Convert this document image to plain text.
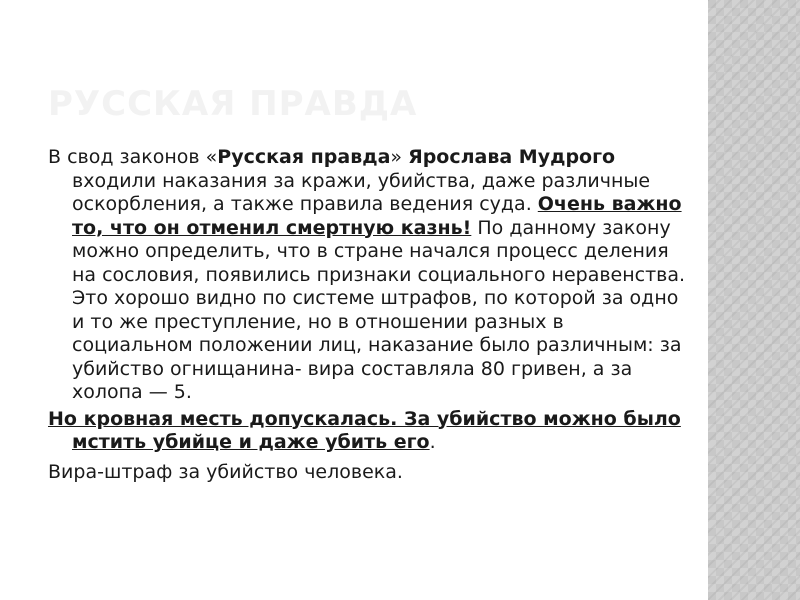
РУССКАЯ ПРАВДА

В свод законов «Русская правда» Ярослава Мудрого входили наказания за кражи, убийства, даже различные оскорбления, а также правила ведения суда. Очень важно то, что он отменил смертную казнь! По данному закону можно определить, что в стране начался процесс деления на сословия, появились признаки социального неравенства. Это хорошо видно по системе штрафов, по которой за одно и то же преступление, но в отношении разных в социальном положении лиц, наказание было различным: за убийство огнищанина- вира составляла 80 гривен, а за холопа — 5.

Но кровная месть допускалась. За убийство можно было мстить убийце и даже убить его.

Вира-штраф за убийство человека.
